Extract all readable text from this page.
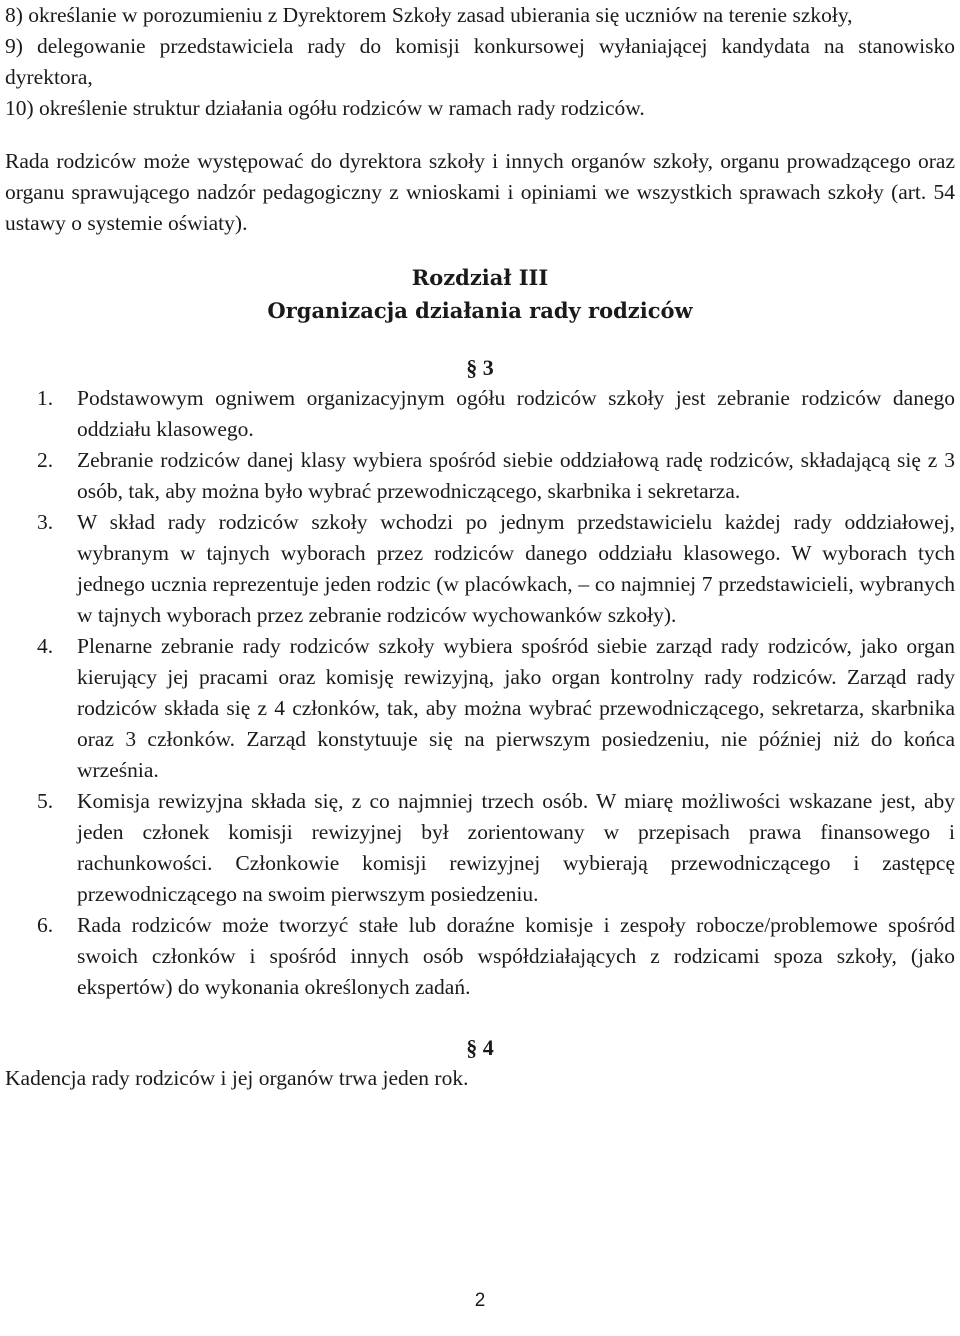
8) określanie w porozumieniu z Dyrektorem Szkoły zasad ubierania się uczniów na terenie szkoły,
9) delegowanie przedstawiciela rady do komisji konkursowej wyłaniającej kandydata na stanowisko dyrektora,
10) określenie struktur działania ogółu rodziców w ramach rady rodziców.

Rada rodziców może występować do dyrektora szkoły i innych organów szkoły, organu prowadzącego oraz organu sprawującego nadzór pedagogiczny z wnioskami i opiniami we wszystkich sprawach szkoły (art. 54 ustawy o systemie oświaty).

Rozdział III
Organizacja działania rady rodziców
§ 3
1.	Podstawowym ogniwem organizacyjnym ogółu rodziców szkoły jest zebranie rodziców danego oddziału klasowego.
2.	Zebranie rodziców danej klasy wybiera spośród siebie oddziałową radę rodziców, składającą się z 3 osób, tak, aby można było wybrać przewodniczącego, skarbnika i sekretarza.
3.	W skład rady rodziców szkoły wchodzi po jednym przedstawicielu każdej rady oddziałowej, wybranym w tajnych wyborach przez rodziców danego oddziału klasowego. W wyborach tych jednego ucznia reprezentuje jeden rodzic (w placówkach, – co najmniej 7 przedstawicieli, wybranych w tajnych wyborach przez zebranie rodziców wychowanków szkoły).
4.	Plenarne zebranie rady rodziców szkoły wybiera spośród siebie zarząd rady rodziców, jako organ kierujący jej pracami oraz komisję rewizyjną, jako organ kontrolny rady rodziców. Zarząd rady rodziców składa się z 4 członków, tak, aby można wybrać przewodniczącego, sekretarza, skarbnika oraz 3 członków. Zarząd konstytuuje się na pierwszym posiedzeniu, nie później niż do końca września.
5.	Komisja rewizyjna składa się, z co najmniej trzech osób. W miarę możliwości wskazane jest, aby jeden członek komisji rewizyjnej był zorientowany w przepisach prawa finansowego i rachunkowości. Członkowie komisji rewizyjnej wybierają przewodniczącego i zastępcę przewodniczącego na swoim pierwszym posiedzeniu.
6.	Rada rodziców może tworzyć stałe lub doraźne komisje i zespoły robocze/problemowe spośród swoich członków i spośród innych osób współdziałających z rodzicami spoza szkoły, (jako ekspertów) do wykonania określonych zadań.
§ 4
Kadencja rady rodziców i jej organów trwa jeden rok.
2
